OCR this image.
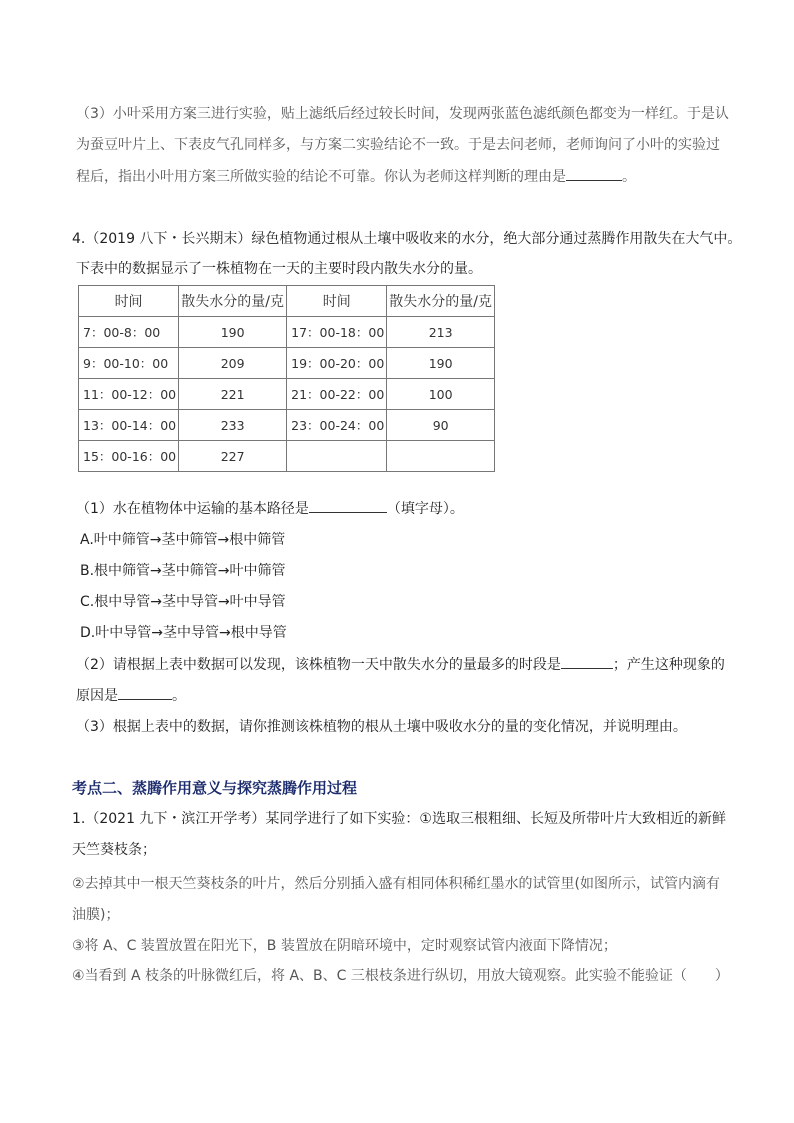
（3）小叶采用方案三进行实验，贴上滤纸后经过较长时间，发现两张蓝色滤纸颜色都变为一样红。于是认

为蚕豆叶片上、下表皮气孔同样多，与方案二实验结论不一致。于是去问老师，老师询问了小叶的实验过

程后，指出小叶用方案三所做实验的结论不可靠。你认为老师这样判断的理由是	。

4.（2019 八下・长兴期末）绿色植物通过根从土壤中吸收来的水分，绝大部分通过蒸腾作用散失在大气中。

下表中的数据显示了一株植物在一天的主要时段内散失水分的量。

时间	散失水分的量/克	时间	散失水分的量/克
7：00-8：00	190	17：00-18：00	213
9：00-10：00	209	19：00-20：00	190
11：00-12：00	221	21：00-22：00	100
13：00-14：00	233	23：00-24：00	90
15：00-16：00	227		

（1）水在植物体中运输的基本路径是	（填字母）。

A.叶中筛管→茎中筛管→根中筛管

B.根中筛管→茎中筛管→叶中筛管

C.根中导管→茎中导管→叶中导管

D.叶中导管→茎中导管→根中导管

（2）请根据上表中数据可以发现，该株植物一天中散失水分的量最多的时段是	；产生这种现象的

原因是	。

（3）根据上表中的数据，请你推测该株植物的根从土壤中吸收水分的量的变化情况，并说明理由。

考点二、蒸腾作用意义与探究蒸腾作用过程

1.（2021 九下・滨江开学考）某同学进行了如下实验：①选取三根粗细、长短及所带叶片大致相近的新鲜

天竺葵枝条；

②去掉其中一根天竺葵枝条的叶片，然后分别插入盛有相同体积稀红墨水的试管里(如图所示，试管内滴有

油膜)；

③将 A、C 装置放置在阳光下，B 装置放在阴暗环境中，定时观察试管内液面下降情况；

④当看到 A 枝条的叶脉微红后，将 A、B、C 三根枝条进行纵切，用放大镜观察。此实验不能验证（　　）
